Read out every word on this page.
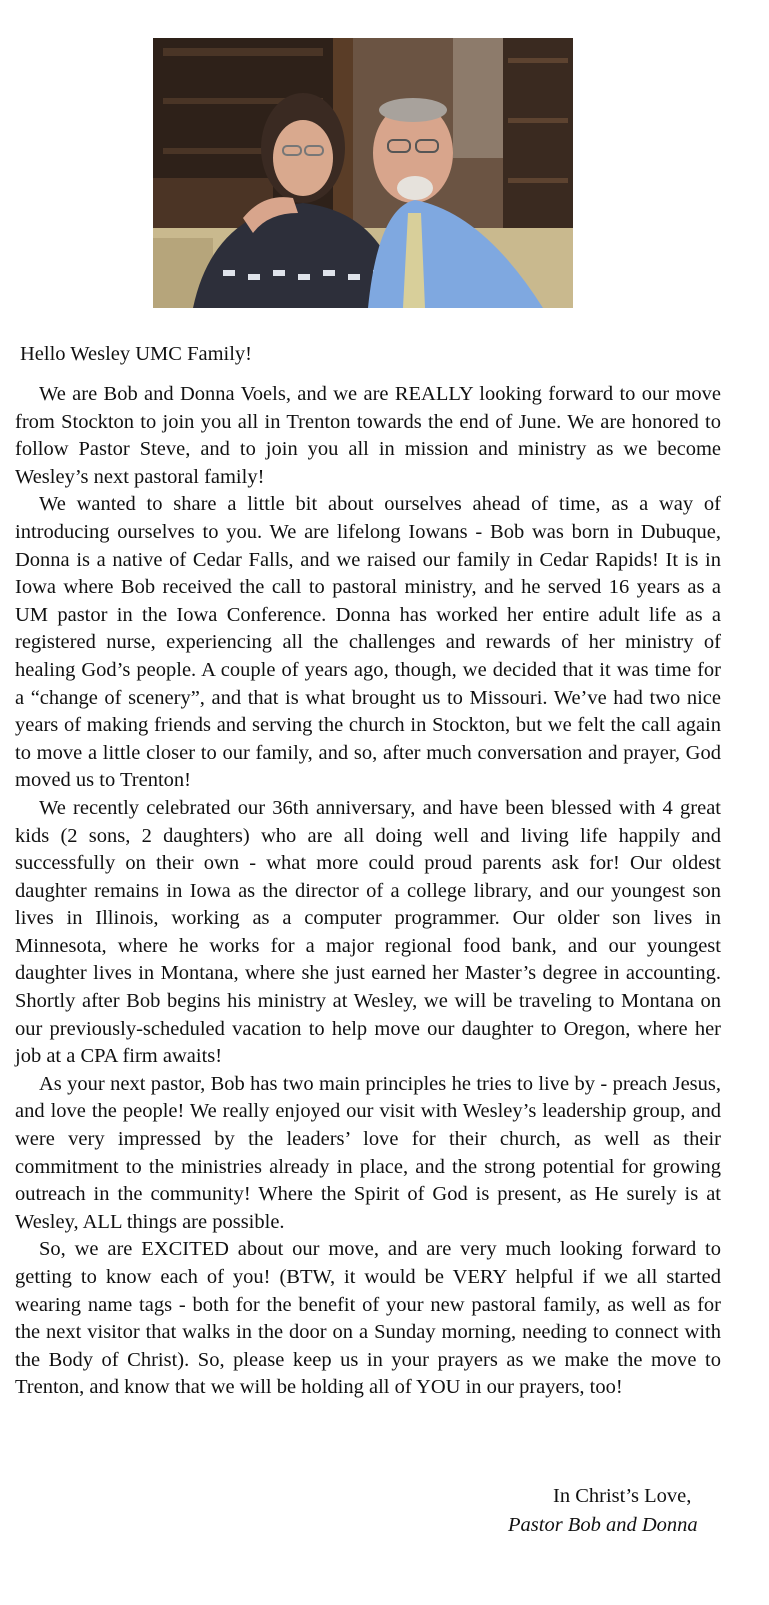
Hello Wesley UMC Family!

We are Bob and Donna Voels, and we are REALLY looking forward to our move from Stockton to join you all in Trenton towards the end of June. We are honored to follow Pastor Steve, and to join you all in mission and ministry as we become Wesley’s next pastoral family!

We wanted to share a little bit about ourselves ahead of time, as a way of introducing ourselves to you. We are lifelong Iowans - Bob was born in Dubuque, Donna is a native of Cedar Falls, and we raised our family in Cedar Rapids! It is in Iowa where Bob received the call to pastoral ministry, and he served 16 years as a UM pastor in the Iowa Conference. Donna has worked her entire adult life as a registered nurse, experiencing all the challenges and rewards of her ministry of healing God’s people. A couple of years ago, though, we decided that it was time for a “change of scenery”, and that is what brought us to Missouri. We’ve had two nice years of making friends and serving the church in Stockton, but we felt the call again to move a little closer to our family, and so, after much conversation and prayer, God moved us to Trenton!

We recently celebrated our 36th anniversary, and have been blessed with 4 great kids (2 sons, 2 daughters) who are all doing well and living life happily and successfully on their own - what more could proud parents ask for! Our oldest daughter remains in Iowa as the director of a college library, and our youngest son lives in Illinois, working as a computer programmer. Our older son lives in Minnesota, where he works for a major regional food bank, and our youngest daughter lives in Montana, where she just earned her Master’s degree in accounting. Shortly after Bob begins his ministry at Wesley, we will be traveling to Montana on our previously-scheduled vacation to help move our daughter to Oregon, where her job at a CPA firm awaits!

As your next pastor, Bob has two main principles he tries to live by - preach Jesus, and love the people! We really enjoyed our visit with Wesley’s leadership group, and were very impressed by the leaders’ love for their church, as well as their commitment to the ministries already in place, and the strong potential for growing outreach in the community! Where the Spirit of God is present, as He surely is at Wesley, ALL things are possible.

So, we are EXCITED about our move, and are very much looking forward to getting to know each of you! (BTW, it would be VERY helpful if we all started wearing name tags - both for the benefit of your new pastoral family, as well as for the next visitor that walks in the door on a Sunday morning, needing to connect with the Body of Christ). So, please keep us in your prayers as we make the move to Trenton, and know that we will be holding all of YOU in our prayers, too!

In Christ’s Love,
Pastor Bob and Donna
